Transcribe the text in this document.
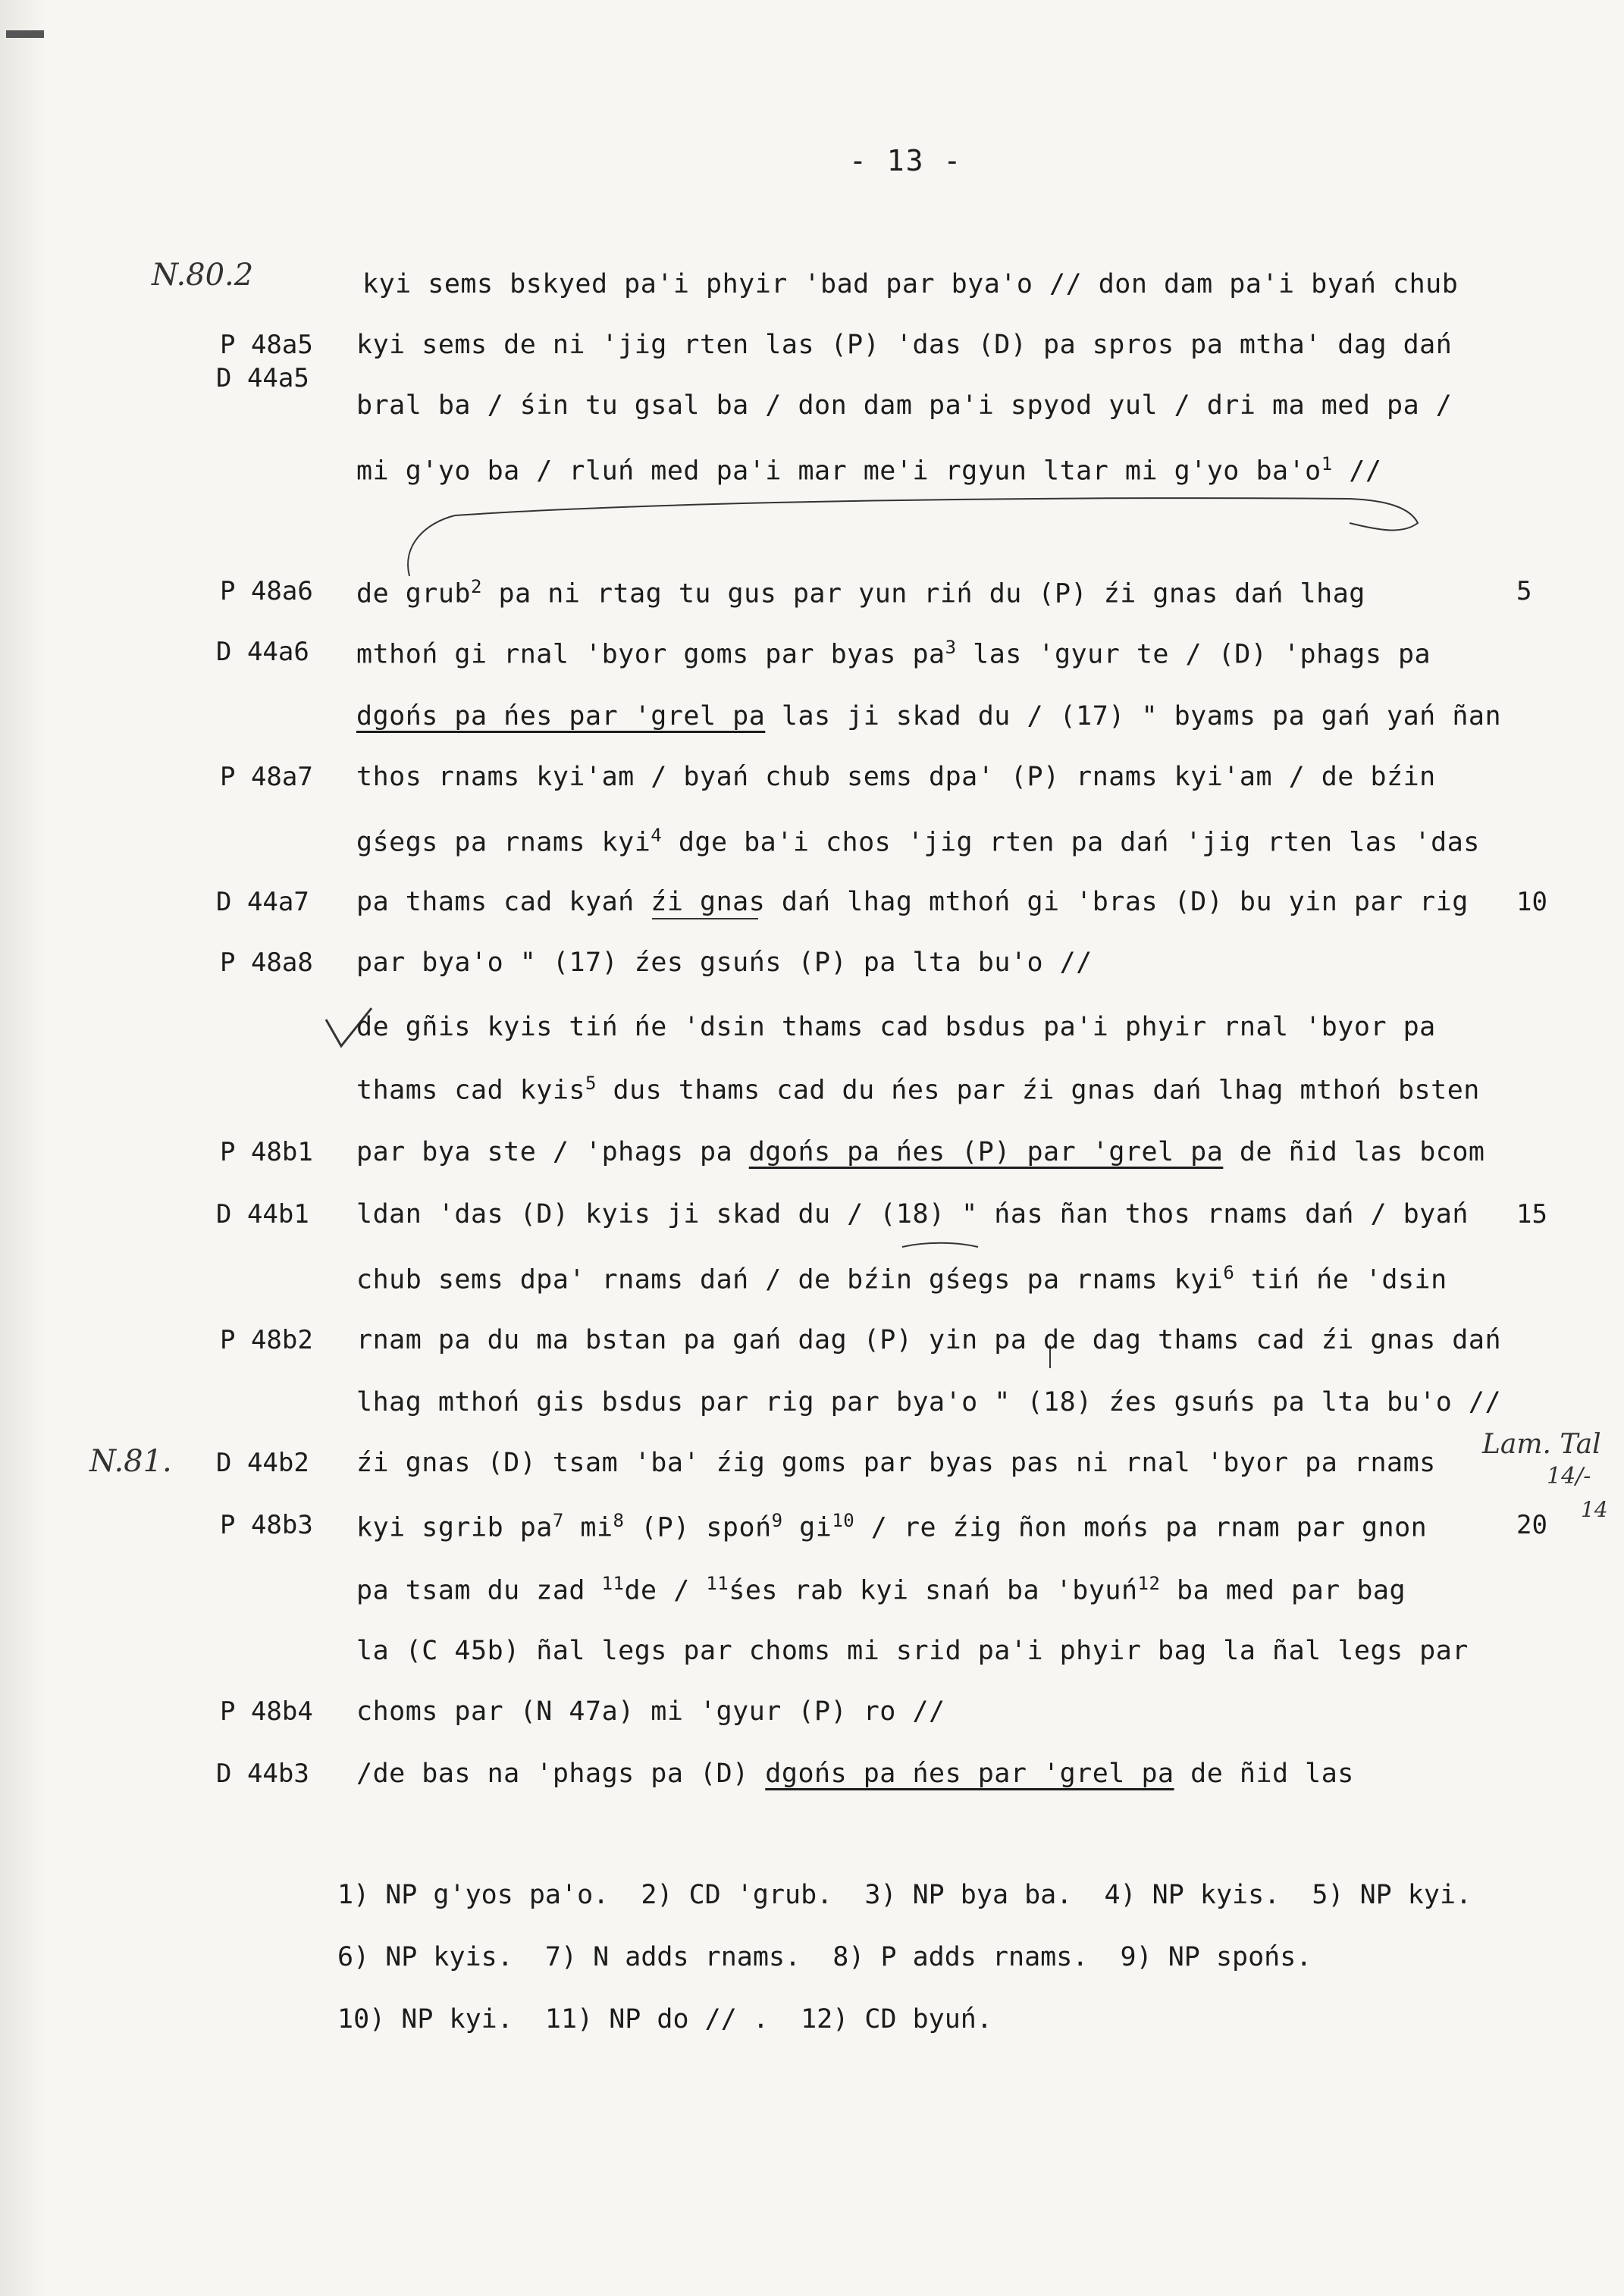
- 13 -
N.80.2
N.81.	Lam. Tal
14/-
14
kyi sems bskyed pa'i phyir 'bad par bya'o // don dam pa'i byań chub
P 48a5
D 44a5
kyi sems de ni 'jig rten las (P) 'das (D) pa spros pa mtha' dag dań
bral ba / śin tu gsal ba / don dam pa'i spyod yul / dri ma med pa /
mi g'yo ba / rluń med pa'i mar me'i rgyun ltar mi g'yo $ba'o^1$ //
P 48a6 de grub$^2$ pa ni rtag tu gus par yun riń du (P) źi gnas dań lhag	5
D 44a6 mthoń gi rnal 'byor goms par byas $pa^3$ las 'gyur te / (D) 'phags pa
dgońs pa ńes par 'grel pa las ji skad du / (17) " byams pa gań yań ñan
P 48a7 thos rnams kyi'am / byań chub sems dpa' (P) rnams kyi'am / de bźin
gśegs pa rnams kyi$^4$ dge ba'i chos 'jig rten pa dań 'jig rten las 'das
D 44a7 pa thams cad kyań źi gnas dań lhag mthoń gi 'bras (D) bu yin par rig 10
P 48a8 par bya'o " (17) źes gsuńs (P) pa lta bu'o //
de gñis kyis tiń ńe 'dsin thams cad bsdus pa'i phyir rnal 'byor pa
thams cad kyis$^5$ dus thams cad du ńes par źi gnas dań lhag mthoń bsten
P 48b1 par bya ste / 'phags pa dgońs pa ńes (P) par 'grel pa de ñid las bcom
D 44b1 ldan 'das (D) kyis ji skad du / (18) " ńas ñan thos rnams dań / byań 15
chub sems dpa' rnams dań / de bźin gśegs pa rnams kyi$^6$ tiń ńe 'dsin
P 48b2 rnam pa du ma bstan pa gań dag (P) yin pa de dag thams cad źi gnas dań
lhag mthoń gis bsdus par rig par bya'o " (18) źes gsuńs pa lta bu'o //
D 44b2 źi gnas (D) tsam 'ba' źig goms par byas pas ni rnal 'byor pa rnams
P 48b3 kyi sgrib $pa^7$ $mi^8$ (P) spoń$^9$ $gi^{10}$ / re źig ñon mońs pa rnam par gnon	20
pa tsam du zad $^{11}$de / $^{11}$śes rab kyi snań ba 'byuń$^{12}$ ba med par bag
la (C 45b) ñal legs par choms mi srid pa'i phyir bag la ñal legs par
P 48b4 choms par (N 47a) mi 'gyur (P) ro //
D 44b3 /de bas na 'phags pa (D) dgońs pa ńes par 'grel pa de ñid las
1) NP g'yos pa'o.  2) CD 'grub.  3) NP bya ba.  4) NP kyis.  5) NP kyi.
6) NP kyis.  7) N adds rnams.  8) P adds rnams.  9) NP spońs.
10) NP kyi.  11) NP do // .  12) CD byuń.
